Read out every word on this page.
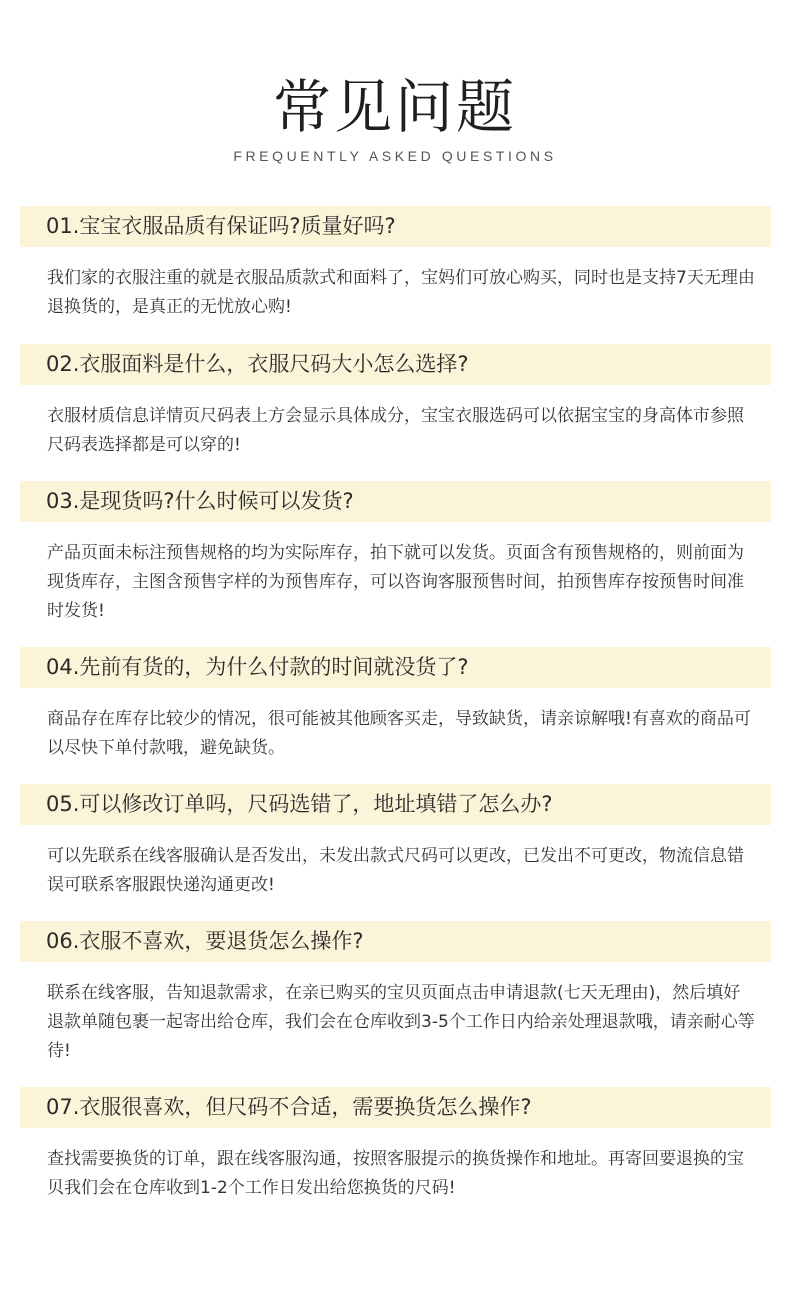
常见问题
FREQUENTLY ASKED QUESTIONS
01.宝宝衣服品质有保证吗?质量好吗?
我们家的衣服注重的就是衣服品质款式和面料了，宝妈们可放心购买，同时也是支持7天无理由退换货的，是真正的无忧放心购!
02.衣服面料是什么，衣服尺码大小怎么选择?
衣服材质信息详情页尺码表上方会显示具体成分，宝宝衣服选码可以依据宝宝的身高体市参照尺码表选择都是可以穿的!
03.是现货吗?什么时候可以发货?
产品页面未标注预售规格的均为实际库存，拍下就可以发货。页面含有预售规格的，则前面为现货库存，主图含预售字样的为预售库存，可以咨询客服预售时间，拍预售库存按预售时间准时发货!
04.先前有货的，为什么付款的时间就没货了?
商品存在库存比较少的情况，很可能被其他顾客买走，导致缺货，请亲谅解哦!有喜欢的商品可以尽快下单付款哦，避免缺货。
05.可以修改订单吗，尺码选错了，地址填错了怎么办?
可以先联系在线客服确认是否发出，未发出款式尺码可以更改，已发出不可更改，物流信息错误可联系客服跟快递沟通更改!
06.衣服不喜欢，要退货怎么操作?
联系在线客服，告知退款需求，在亲已购买的宝贝页面点击申请退款(七天无理由)，然后填好退款单随包裹一起寄出给仓库，我们会在仓库收到3-5个工作日内给亲处理退款哦，请亲耐心等待!
07.衣服很喜欢，但尺码不合适，需要换货怎么操作?
查找需要换货的订单，跟在线客服沟通，按照客服提示的换货操作和地址。再寄回要退换的宝贝我们会在仓库收到1-2个工作日发出给您换货的尺码!
